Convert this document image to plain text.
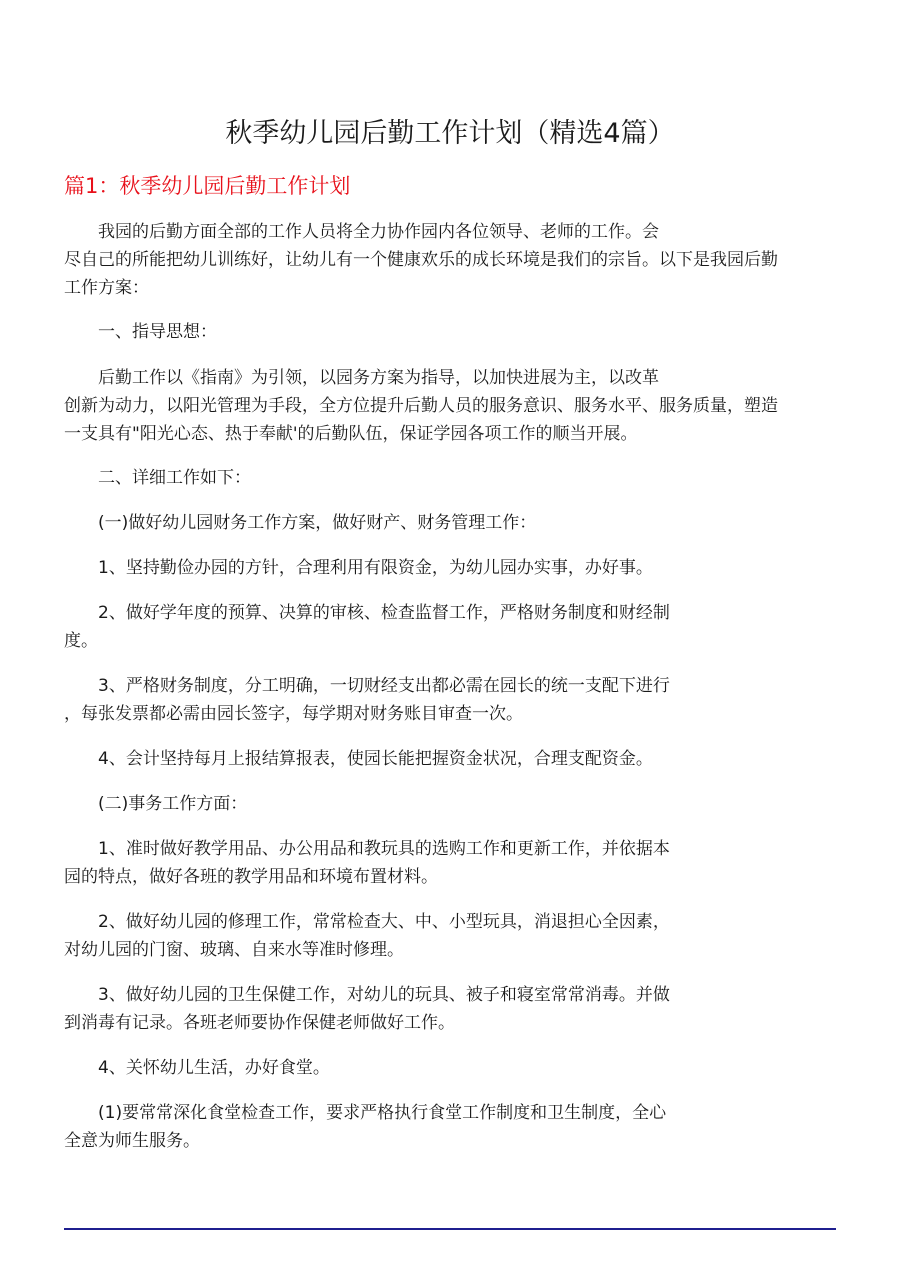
秋季幼儿园后勤工作计划（精选4篇）
篇1：秋季幼儿园后勤工作计划
我园的后勤方面全部的工作人员将全力协作园内各位领导、老师的工作。会
尽自己的所能把幼儿训练好，让幼儿有一个健康欢乐的成长环境是我们的宗旨。以下是我园后勤
工作方案：
一、指导思想：
后勤工作以《指南》为引领，以园务方案为指导，以加快进展为主，以改革
创新为动力，以阳光管理为手段，全方位提升后勤人员的服务意识、服务水平、服务质量，塑造
一支具有"阳光心态、热于奉献'的后勤队伍，保证学园各项工作的顺当开展。
二、详细工作如下：
(一)做好幼儿园财务工作方案，做好财产、财务管理工作：
1、坚持勤俭办园的方针，合理利用有限资金，为幼儿园办实事，办好事。
2、做好学年度的预算、决算的审核、检查监督工作，严格财务制度和财经制
度。
3、严格财务制度，分工明确，一切财经支出都必需在园长的统一支配下进行
，每张发票都必需由园长签字，每学期对财务账目审查一次。
4、会计坚持每月上报结算报表，使园长能把握资金状况，合理支配资金。
(二)事务工作方面：
1、准时做好教学用品、办公用品和教玩具的选购工作和更新工作，并依据本
园的特点，做好各班的教学用品和环境布置材料。
2、做好幼儿园的修理工作，常常检查大、中、小型玩具，消退担心全因素，
对幼儿园的门窗、玻璃、自来水等准时修理。
3、做好幼儿园的卫生保健工作，对幼儿的玩具、被子和寝室常常消毒。并做
到消毒有记录。各班老师要协作保健老师做好工作。
4、关怀幼儿生活，办好食堂。
(1)要常常深化食堂检查工作，要求严格执行食堂工作制度和卫生制度，全心
全意为师生服务。
